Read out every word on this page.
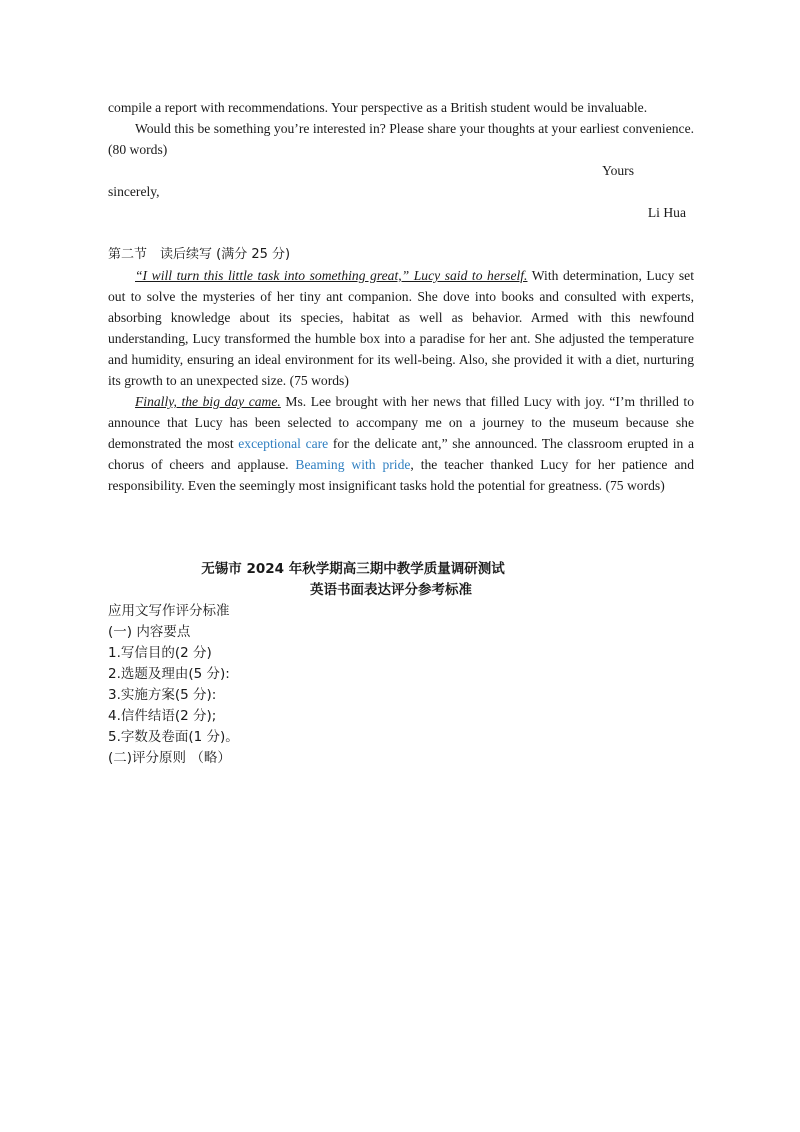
compile a report with recommendations. Your perspective as a British student would be invaluable.

Would this be something you’re interested in? Please share your thoughts at your earliest convenience. (80 words)

Yours

sincerely,

Li Hua

第二节　读后续写 (满分 25 分)

“I will turn this little task into something great,” Lucy said to herself. With determination, Lucy set out to solve the mysteries of her tiny ant companion. She dove into books and consulted with experts, absorbing knowledge about its species, habitat as well as behavior. Armed with this newfound understanding, Lucy transformed the humble box into a paradise for her ant. She adjusted the temperature and humidity, ensuring an ideal environment for its well-being. Also, she provided it with a diet, nurturing its growth to an unexpected size. (75 words)

Finally, the big day came. Ms. Lee brought with her news that filled Lucy with joy. “I’m thrilled to announce that Lucy has been selected to accompany me on a journey to the museum because she demonstrated the most exceptional care for the delicate ant,” she announced. The classroom erupted in a chorus of cheers and applause. Beaming with pride, the teacher thanked Lucy for her patience and responsibility. Even the seemingly most insignificant tasks hold the potential for greatness. (75 words)

无锡市 2024 年秋学期高三期中教学质量调研测试
英语书面表达评分参考标准
应用文写作评分标准
(一) 内容要点
1.写信目的(2 分)
2.选题及理由(5 分):
3.实施方案(5 分):
4.信件结语(2 分);
5.字数及卷面(1 分)。
(二)评分原则 （略）
